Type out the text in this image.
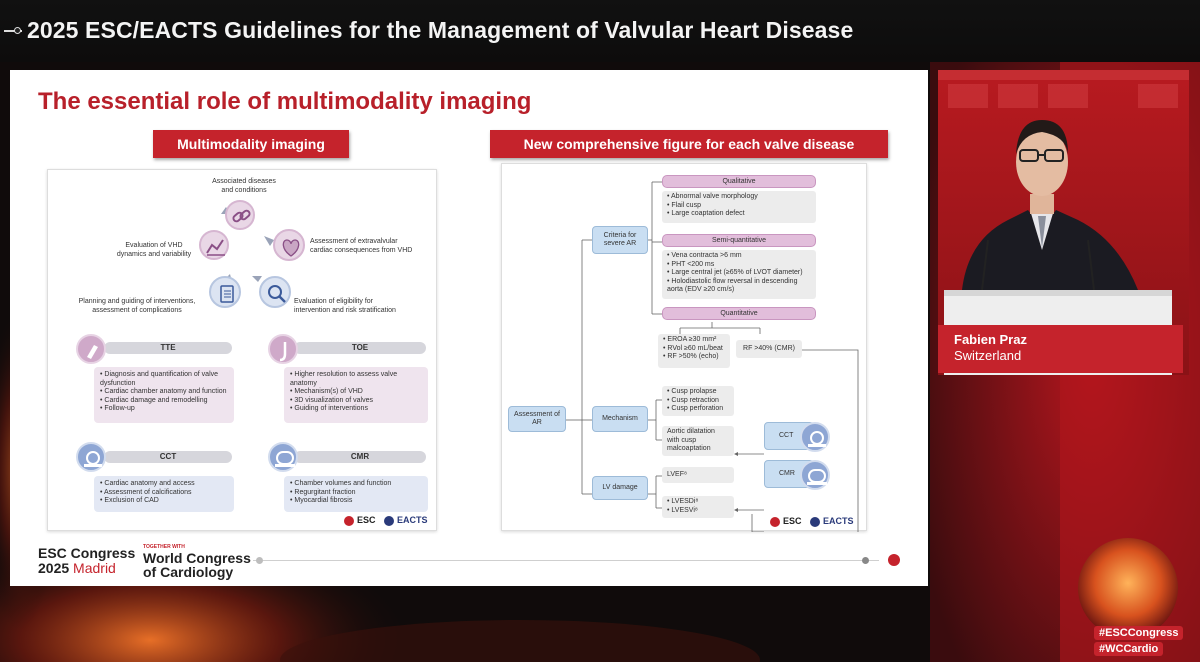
2025 ESC/EACTS Guidelines for the Management of Valvular Heart Disease
The essential role of multimodality imaging
Multimodality imaging	New comprehensive figure for each valve disease
Associated diseases
and conditions
Evaluation of VHD
dynamics and variability
Assessment of extravalvular
cardiac consequences from VHD
Planning and guiding of interventions,
assessment of complications
Evaluation of eligibility for
intervention and risk stratification
TTE
• Diagnosis and quantification of valve
dysfunction
• Cardiac chamber anatomy and function
• Cardiac damage and remodelling
• Follow-up
TOE
• Higher resolution to assess valve
anatomy
• Mechanism(s) of VHD
• 3D visualization of valves
• Guiding of interventions
CCT
• Cardiac anatomy and access
• Assessment of calcifications
• Exclusion of CAD
CMR
• Chamber volumes and function
• Regurgitant fraction
• Myocardial fibrosis
ESC EACTS
Assessment of AR
Criteria for
severe AR
Mechanism
LV damage
Qualitative
• Abnormal valve morphology
• Flail cusp
• Large coaptation defect
Semi-quantitative
• Vena contracta >6 mm
• PHT <200 ms
• Large central jet (≥65% of LVOT diameter)
• Holodiastolic flow reversal in descending
aorta (EDV ≥20 cm/s)
Quantitative
• EROA ≥30 mm²
• RVol ≥60 mL/beat
• RF >50% (echo)
RF >40% (CMR)
• Cusp prolapse
• Cusp retraction
• Cusp perforation
Aortic dilatation
with cusp
malcoaptation
LVEF⁸
• LVESDi⁸
• LVESVi⁸
CCT
CMR
ESC EACTS
ESC Congress
2025 Madrid
TOGETHER WITH
World Congress
of Cardiology
Fabien Praz
Switzerland
#ESCCongress
#WCCardio
